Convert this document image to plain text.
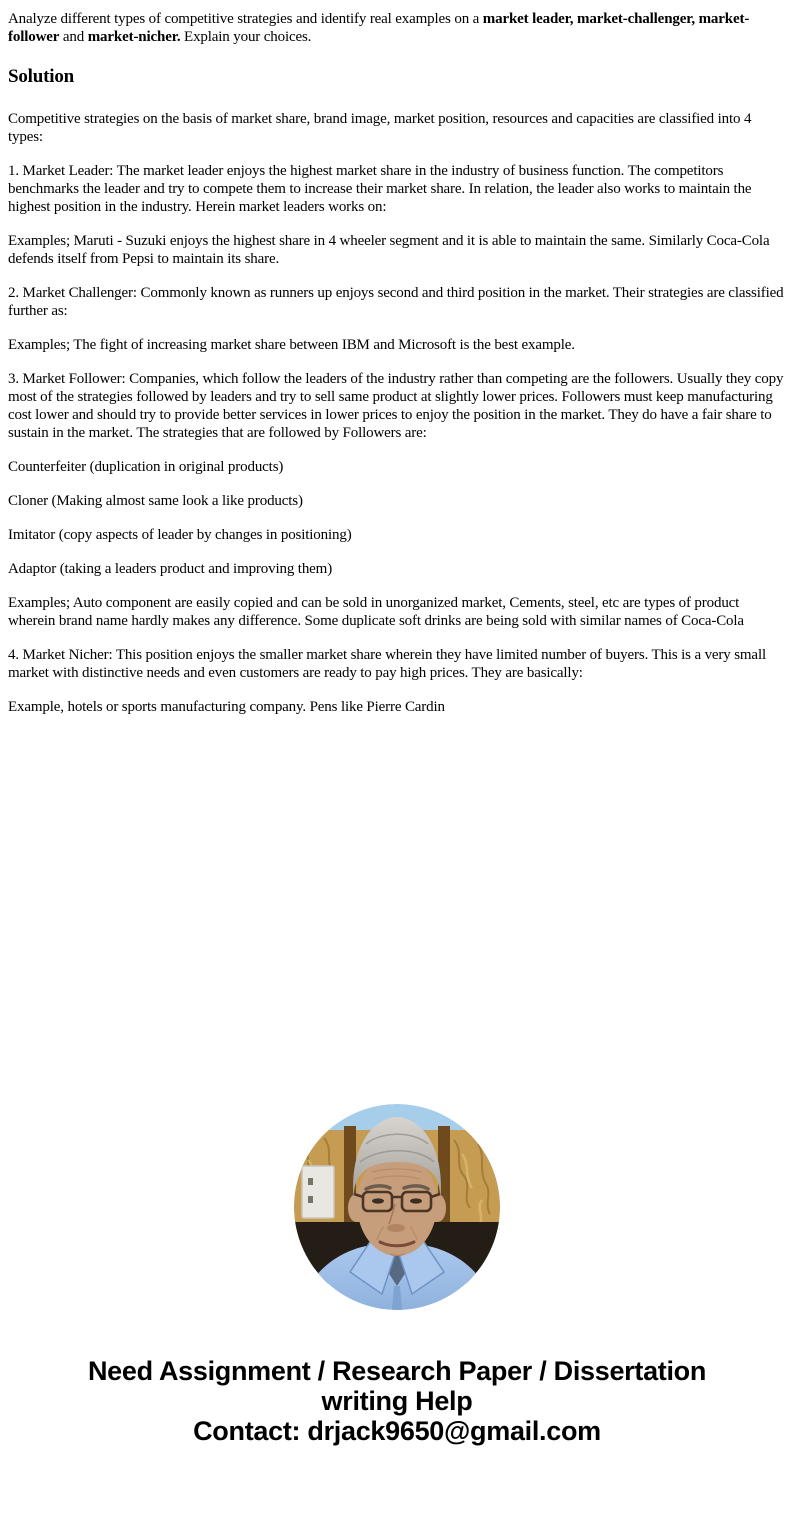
Analyze different types of competitive strategies and identify real examples on a market leader, market-challenger, market-follower and market-nicher. Explain your choices.

Solution

Competitive strategies on the basis of market share, brand image, market position, resources and capacities are classified into 4 types:

1. Market Leader: The market leader enjoys the highest market share in the industry of business function. The competitors benchmarks the leader and try to compete them to increase their market share. In relation, the leader also works to maintain the highest position in the industry. Herein market leaders works on:

Examples; Maruti - Suzuki enjoys the highest share in 4 wheeler segment and it is able to maintain the same. Similarly Coca-Cola defends itself from Pepsi to maintain its share.

2. Market Challenger: Commonly known as runners up enjoys second and third position in the market. Their strategies are classified further as:

Examples; The fight of increasing market share between IBM and Microsoft is the best example.

3. Market Follower: Companies, which follow the leaders of the industry rather than competing are the followers. Usually they copy most of the strategies followed by leaders and try to sell same product at slightly lower prices. Followers must keep manufacturing cost lower and should try to provide better services in lower prices to enjoy the position in the market. They do have a fair share to sustain in the market. The strategies that are followed by Followers are:

Counterfeiter (duplication in original products)

Cloner (Making almost same look a like products)

Imitator (copy aspects of leader by changes in positioning)

Adaptor (taking a leaders product and improving them)

Examples; Auto component are easily copied and can be sold in unorganized market, Cements, steel, etc are types of product wherein brand name hardly makes any difference. Some duplicate soft drinks are being sold with similar names of Coca-Cola

4. Market Nicher: This position enjoys the smaller market share wherein they have limited number of buyers. This is a very small market with distinctive needs and even customers are ready to pay high prices. They are basically:

Example, hotels or sports manufacturing company. Pens like Pierre Cardin

Need Assignment / Research Paper / Dissertation
writing Help
Contact: drjack9650@gmail.com
